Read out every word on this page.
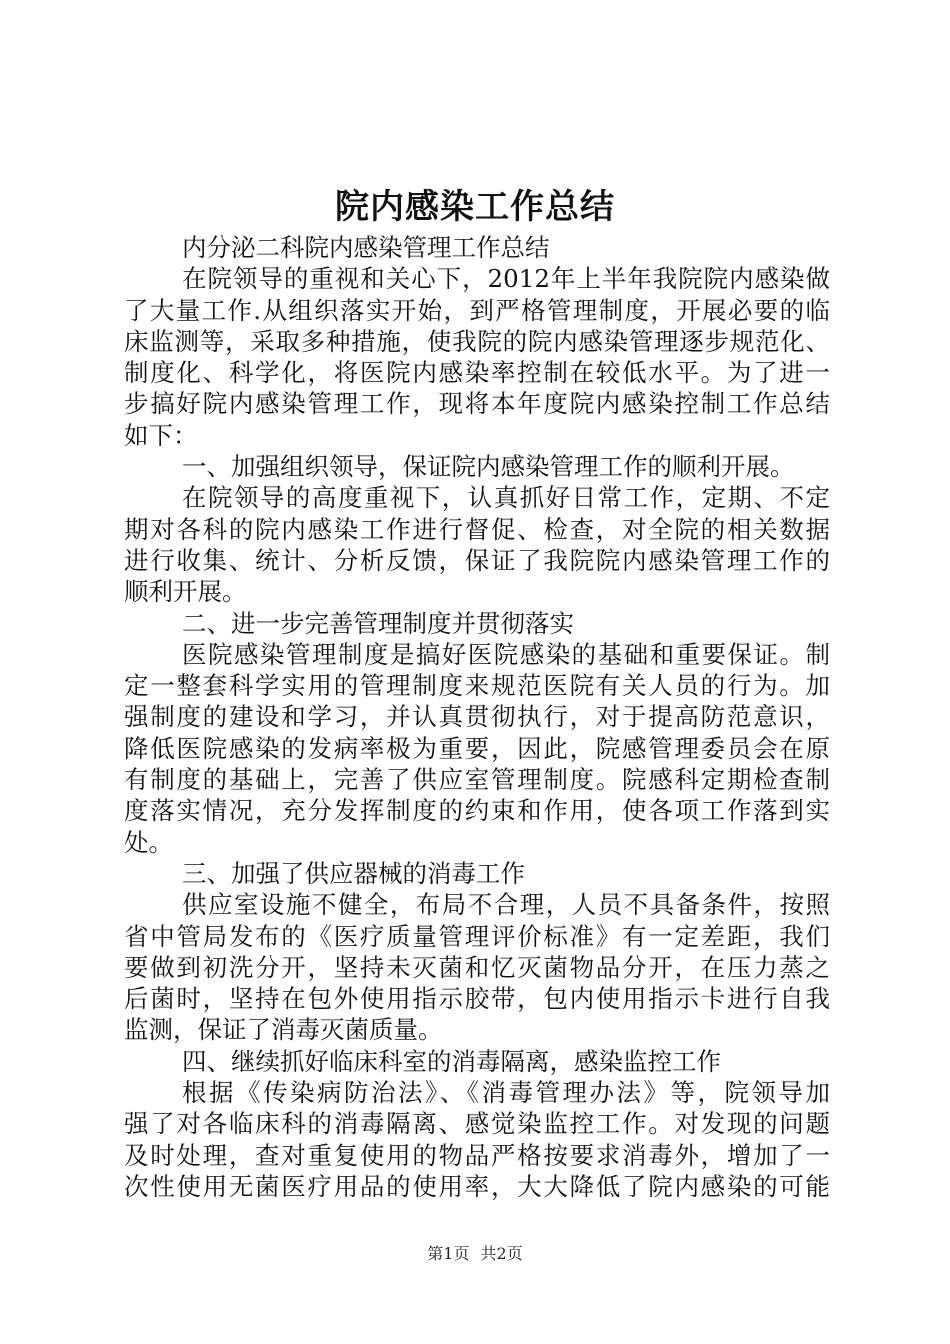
院内感染工作总结
内分泌二科院内感染管理工作总结
在院领导的重视和关心下，2012年上半年我院院内感染做
了大量工作.从组织落实开始，到严格管理制度，开展必要的临
床监测等，采取多种措施，使我院的院内感染管理逐步规范化、
制度化、科学化，将医院内感染率控制在较低水平。为了进一
步搞好院内感染管理工作，现将本年度院内感染控制工作总结
如下：
一、加强组织领导，保证院内感染管理工作的顺利开展。
在院领导的高度重视下，认真抓好日常工作，定期、不定
期对各科的院内感染工作进行督促、检查，对全院的相关数据
进行收集、统计、分析反馈，保证了我院院内感染管理工作的
顺利开展。
二、进一步完善管理制度并贯彻落实
医院感染管理制度是搞好医院感染的基础和重要保证。制
定一整套科学实用的管理制度来规范医院有关人员的行为。加
强制度的建设和学习，并认真贯彻执行，对于提高防范意识，
降低医院感染的发病率极为重要，因此，院感管理委员会在原
有制度的基础上，完善了供应室管理制度。院感科定期检查制
度落实情况，充分发挥制度的约束和作用，使各项工作落到实
处。
三、加强了供应器械的消毒工作
供应室设施不健全，布局不合理，人员不具备条件，按照
省中管局发布的《医疗质量管理评价标准》有一定差距，我们
要做到初洗分开，坚持未灭菌和忆灭菌物品分开，在压力蒸之
后菌时，坚持在包外使用指示胶带，包内使用指示卡进行自我
监测，保证了消毒灭菌质量。
四、继续抓好临床科室的消毒隔离，感染监控工作
根据《传染病防治法》、《消毒管理办法》等，院领导加
强了对各临床科的消毒隔离、感觉染监控工作。对发现的问题
及时处理，查对重复使用的物品严格按要求消毒外，增加了一
次性使用无菌医疗用品的使用率，大大降低了院内感染的可能
第1页 共2页
